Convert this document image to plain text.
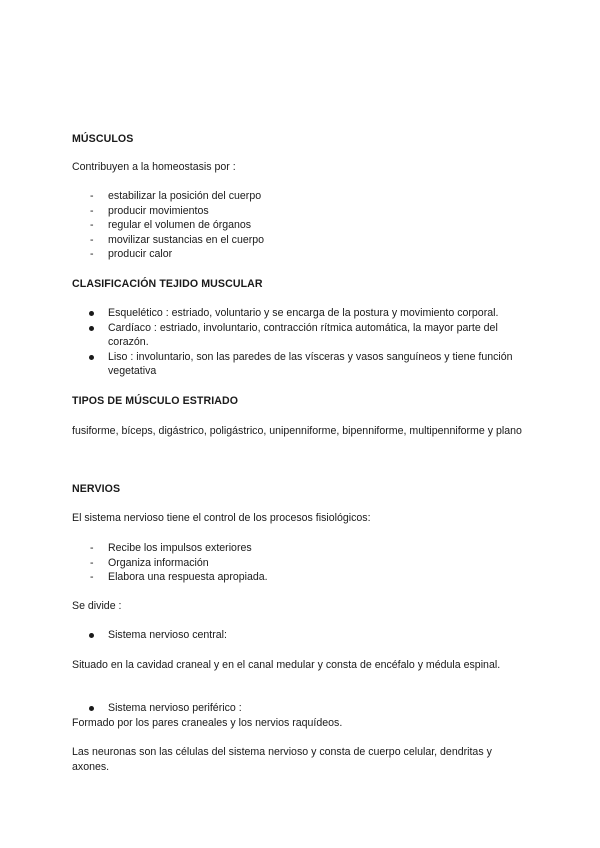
MÚSCULOS
Contribuyen a la homeostasis por :
- estabilizar la posición del cuerpo
- producir movimientos
- regular el volumen de órganos
- movilizar sustancias en el cuerpo
- producir calor
CLASIFICACIÓN TEJIDO MUSCULAR
Esquelético : estriado, voluntario y se encarga de la postura y movimiento corporal.
Cardíaco : estriado, involuntario, contracción rítmica automática, la mayor parte del corazón.
Liso : involuntario, son las paredes de las vísceras y vasos sanguíneos y tiene función vegetativa
TIPOS DE MÚSCULO ESTRIADO
fusiforme, bíceps, digástrico, poligástrico, unipenniforme, bipenniforme, multipenniforme y plano
NERVIOS
El sistema nervioso tiene el control de los procesos fisiológicos:
- Recibe los impulsos exteriores
- Organiza información
- Elabora una respuesta apropiada.
Se divide :
Sistema nervioso central:
Situado en la cavidad craneal y en el canal medular y consta de encéfalo y médula espinal.
Sistema nervioso periférico :
Formado por los pares craneales y los nervios raquídeos.
Las neuronas son las células del sistema nervioso y consta de cuerpo celular, dendritas y axones.
